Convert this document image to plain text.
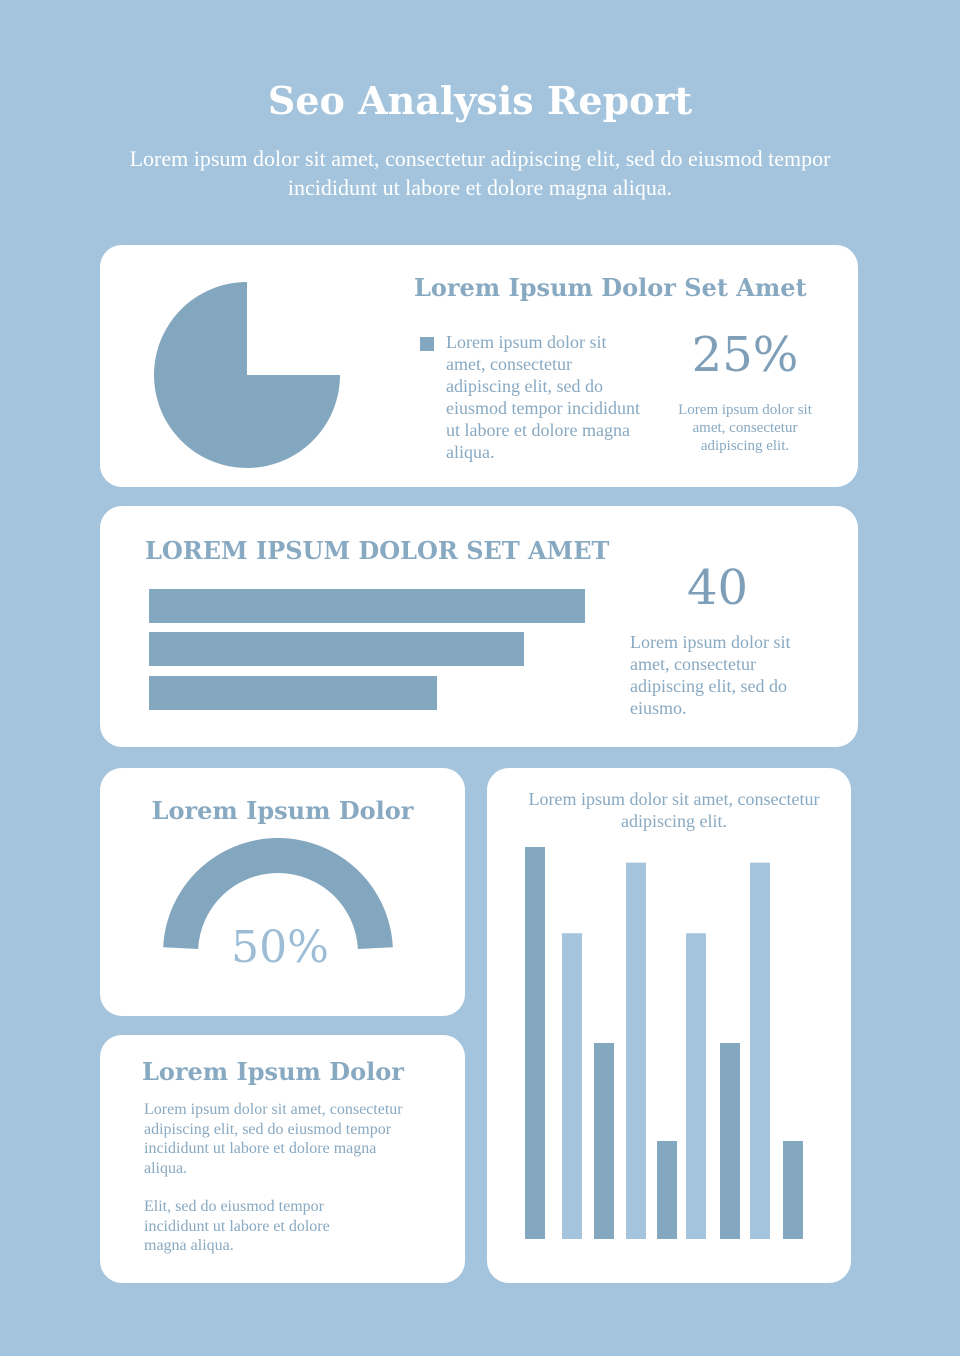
Seo Analysis Report

Lorem ipsum dolor sit amet, consectetur adipiscing elit, sed do eiusmod tempor incididunt ut labore et dolore magna aliqua.

Lorem Ipsum Dolor Set Amet

Lorem ipsum dolor sit amet, consectetur adipiscing elit, sed do eiusmod tempor incididunt ut labore et dolore magna aliqua.

25%

Lorem ipsum dolor sit amet, consectetur adipiscing elit.

LOREM IPSUM DOLOR SET AMET

40

Lorem ipsum dolor sit amet, consectetur adipiscing elit, sed do eiusmo.

Lorem Ipsum Dolor

50%

Lorem Ipsum Dolor

Lorem ipsum dolor sit amet, consectetur adipiscing elit, sed do eiusmod tempor incididunt ut labore et dolore magna aliqua.

Elit, sed do eiusmod tempor incididunt ut labore et dolore magna aliqua.

Lorem ipsum dolor sit amet, consectetur adipiscing elit.
